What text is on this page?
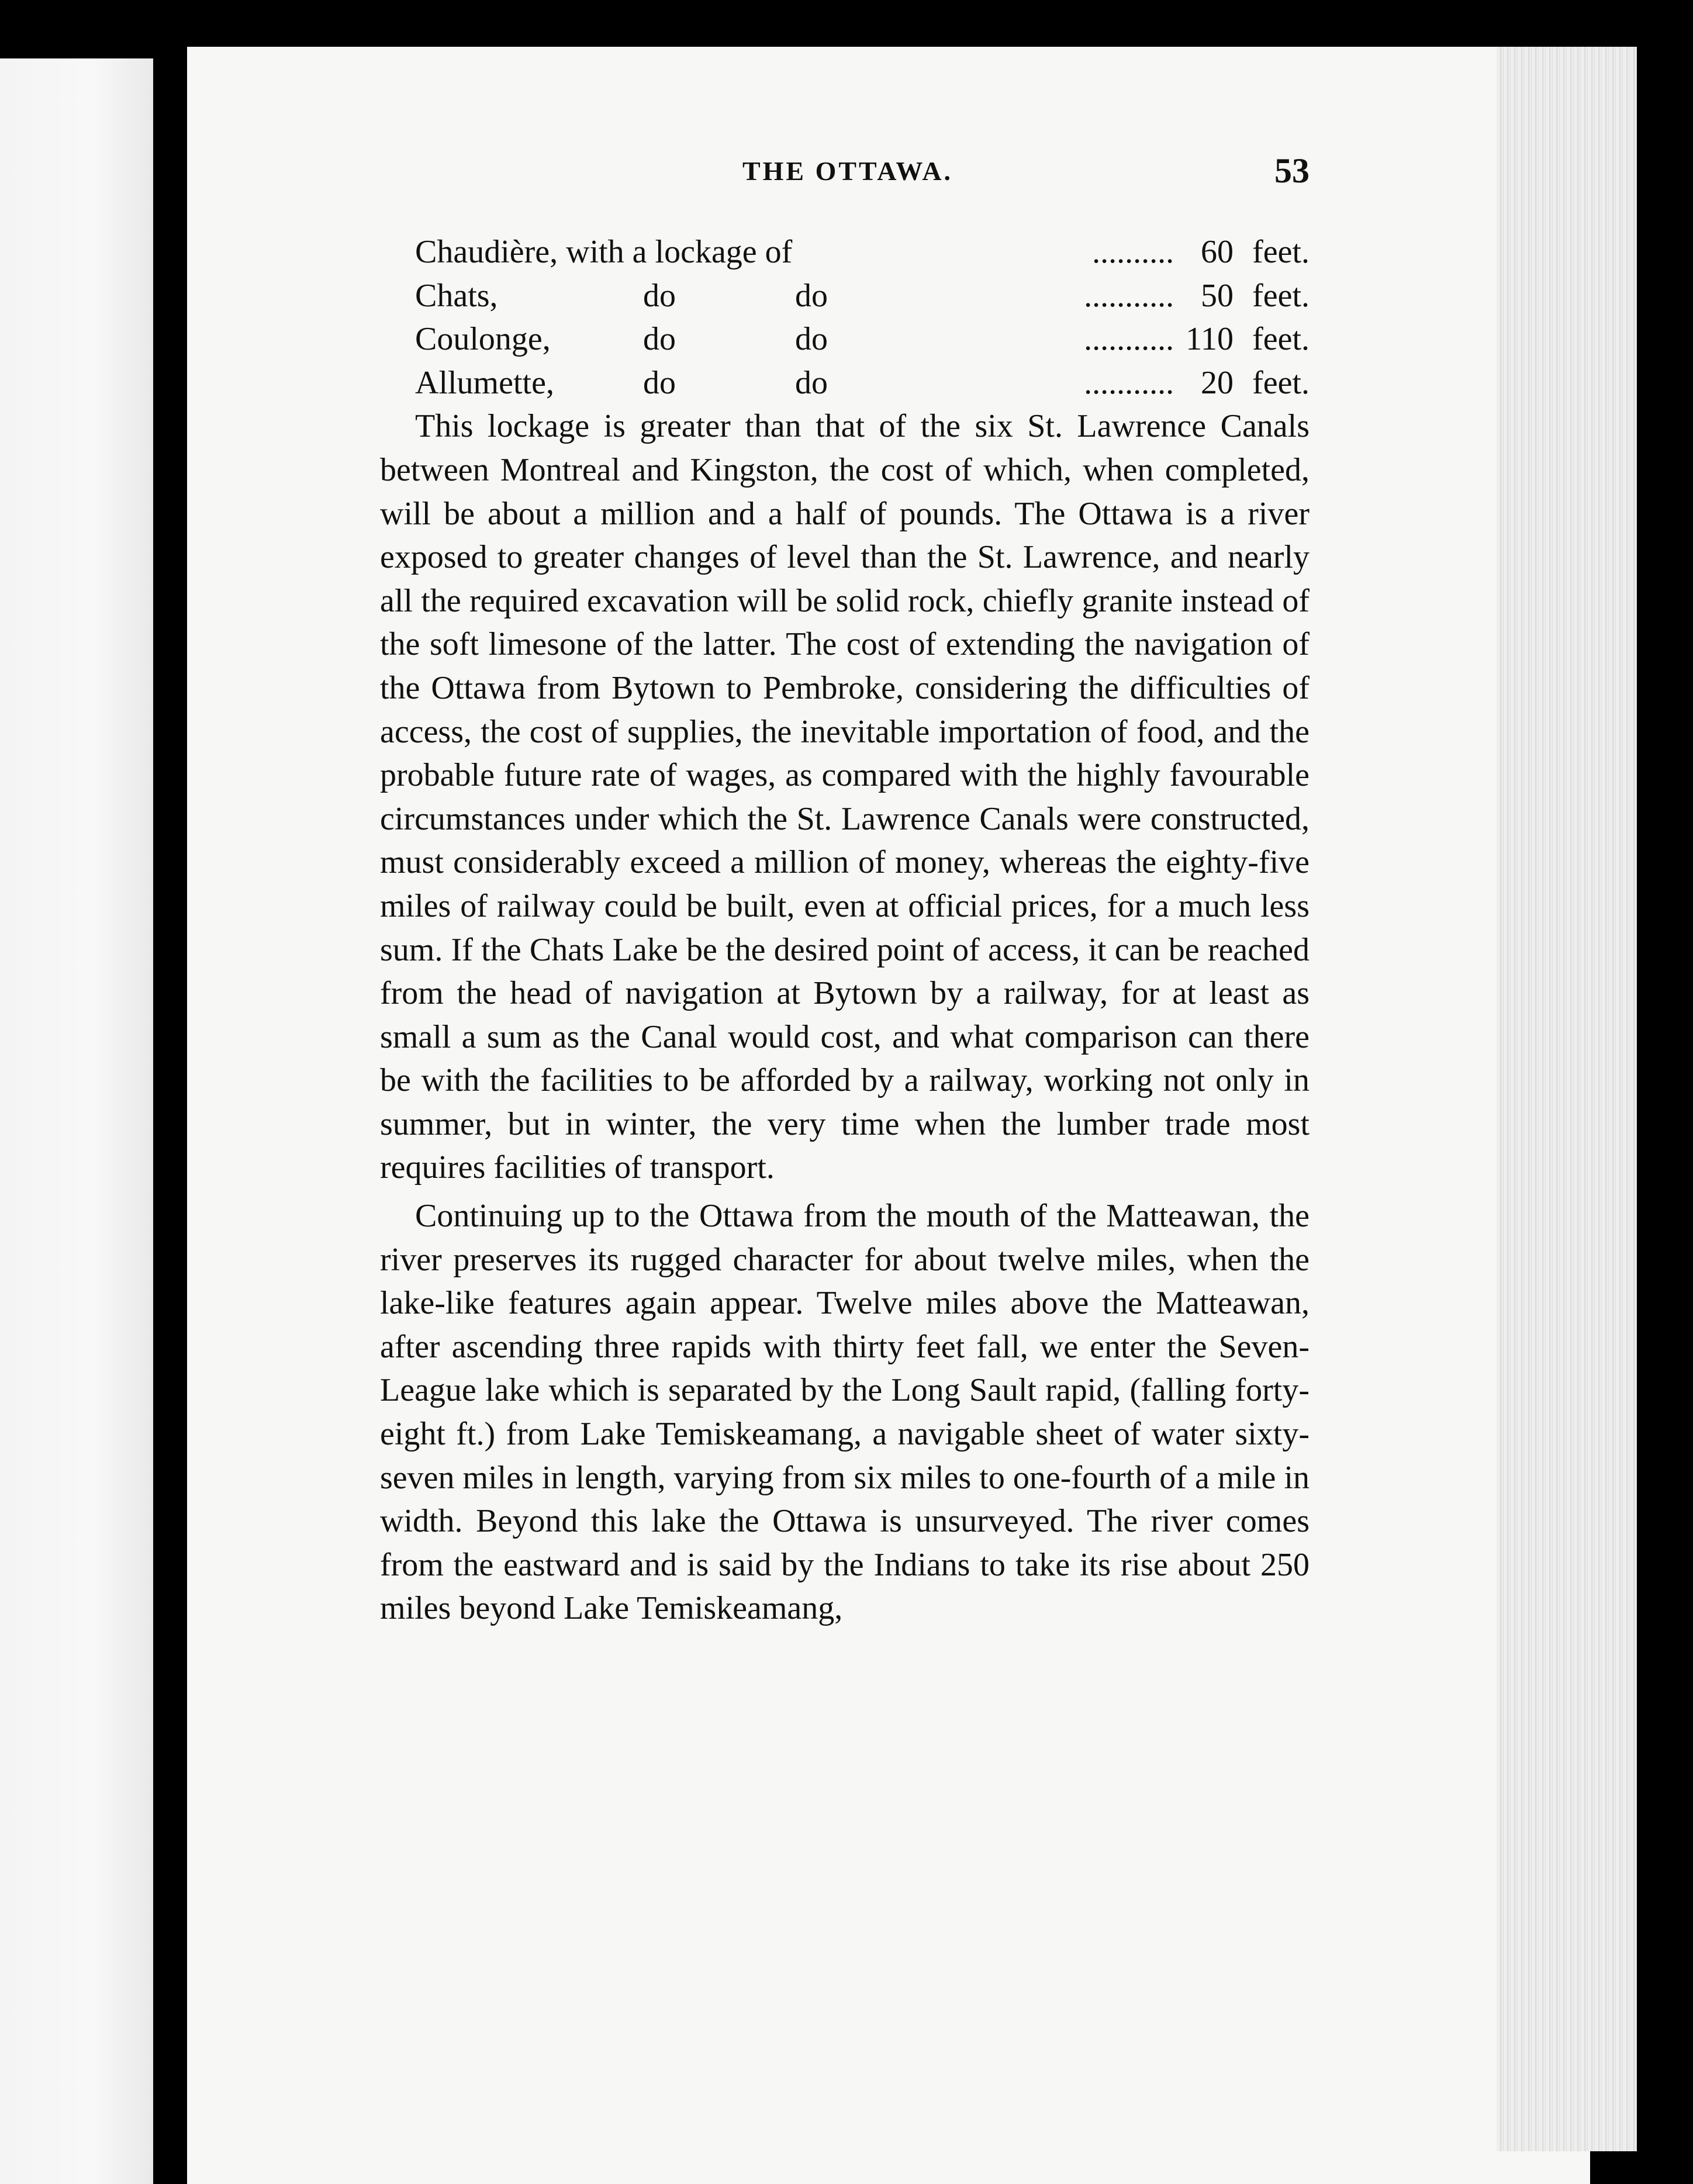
THE OTTAWA.	53
Chaudière, with a lockage of			..........	60	feet.
Chats,	do	do	...........	50	feet.
Coulonge,	do	do	...........	110	feet.
Allumette,	do	do	...........	20	feet.

This lockage is greater than that of the six St. Lawrence Canals between Montreal and Kingston, the cost of which, when completed, will be about a million and a half of pounds. The Ottawa is a river exposed to greater changes of level than the St. Lawrence, and nearly all the required excavation will be solid rock, chiefly granite instead of the soft limesone of the latter. The cost of extending the navigation of the Ottawa from Bytown to Pembroke, considering the difficulties of access, the cost of supplies, the inevitable importation of food, and the probable future rate of wages, as compared with the highly favourable circumstances under which the St. Lawrence Canals were constructed, must considerably exceed a million of money, whereas the eighty-five miles of railway could be built, even at official prices, for a much less sum. If the Chats Lake be the desired point of access, it can be reached from the head of navigation at Bytown by a railway, for at least as small a sum as the Canal would cost, and what comparison can there be with the facilities to be afforded by a railway, working not only in summer, but in winter, the very time when the lumber trade most requires facilities of transport.

Continuing up to the Ottawa from the mouth of the Matteawan, the river preserves its rugged character for about twelve miles, when the lake-like features again appear. Twelve miles above the Matteawan, after ascending three rapids with thirty feet fall, we enter the Seven-League lake which is separated by the Long Sault rapid, (falling forty-eight ft.) from Lake Temiskeamang, a navigable sheet of water sixty-seven miles in length, varying from six miles to one-fourth of a mile in width. Beyond this lake the Ottawa is unsurveyed. The river comes from the eastward and is said by the Indians to take its rise about 250 miles beyond Lake Temiskeamang,
